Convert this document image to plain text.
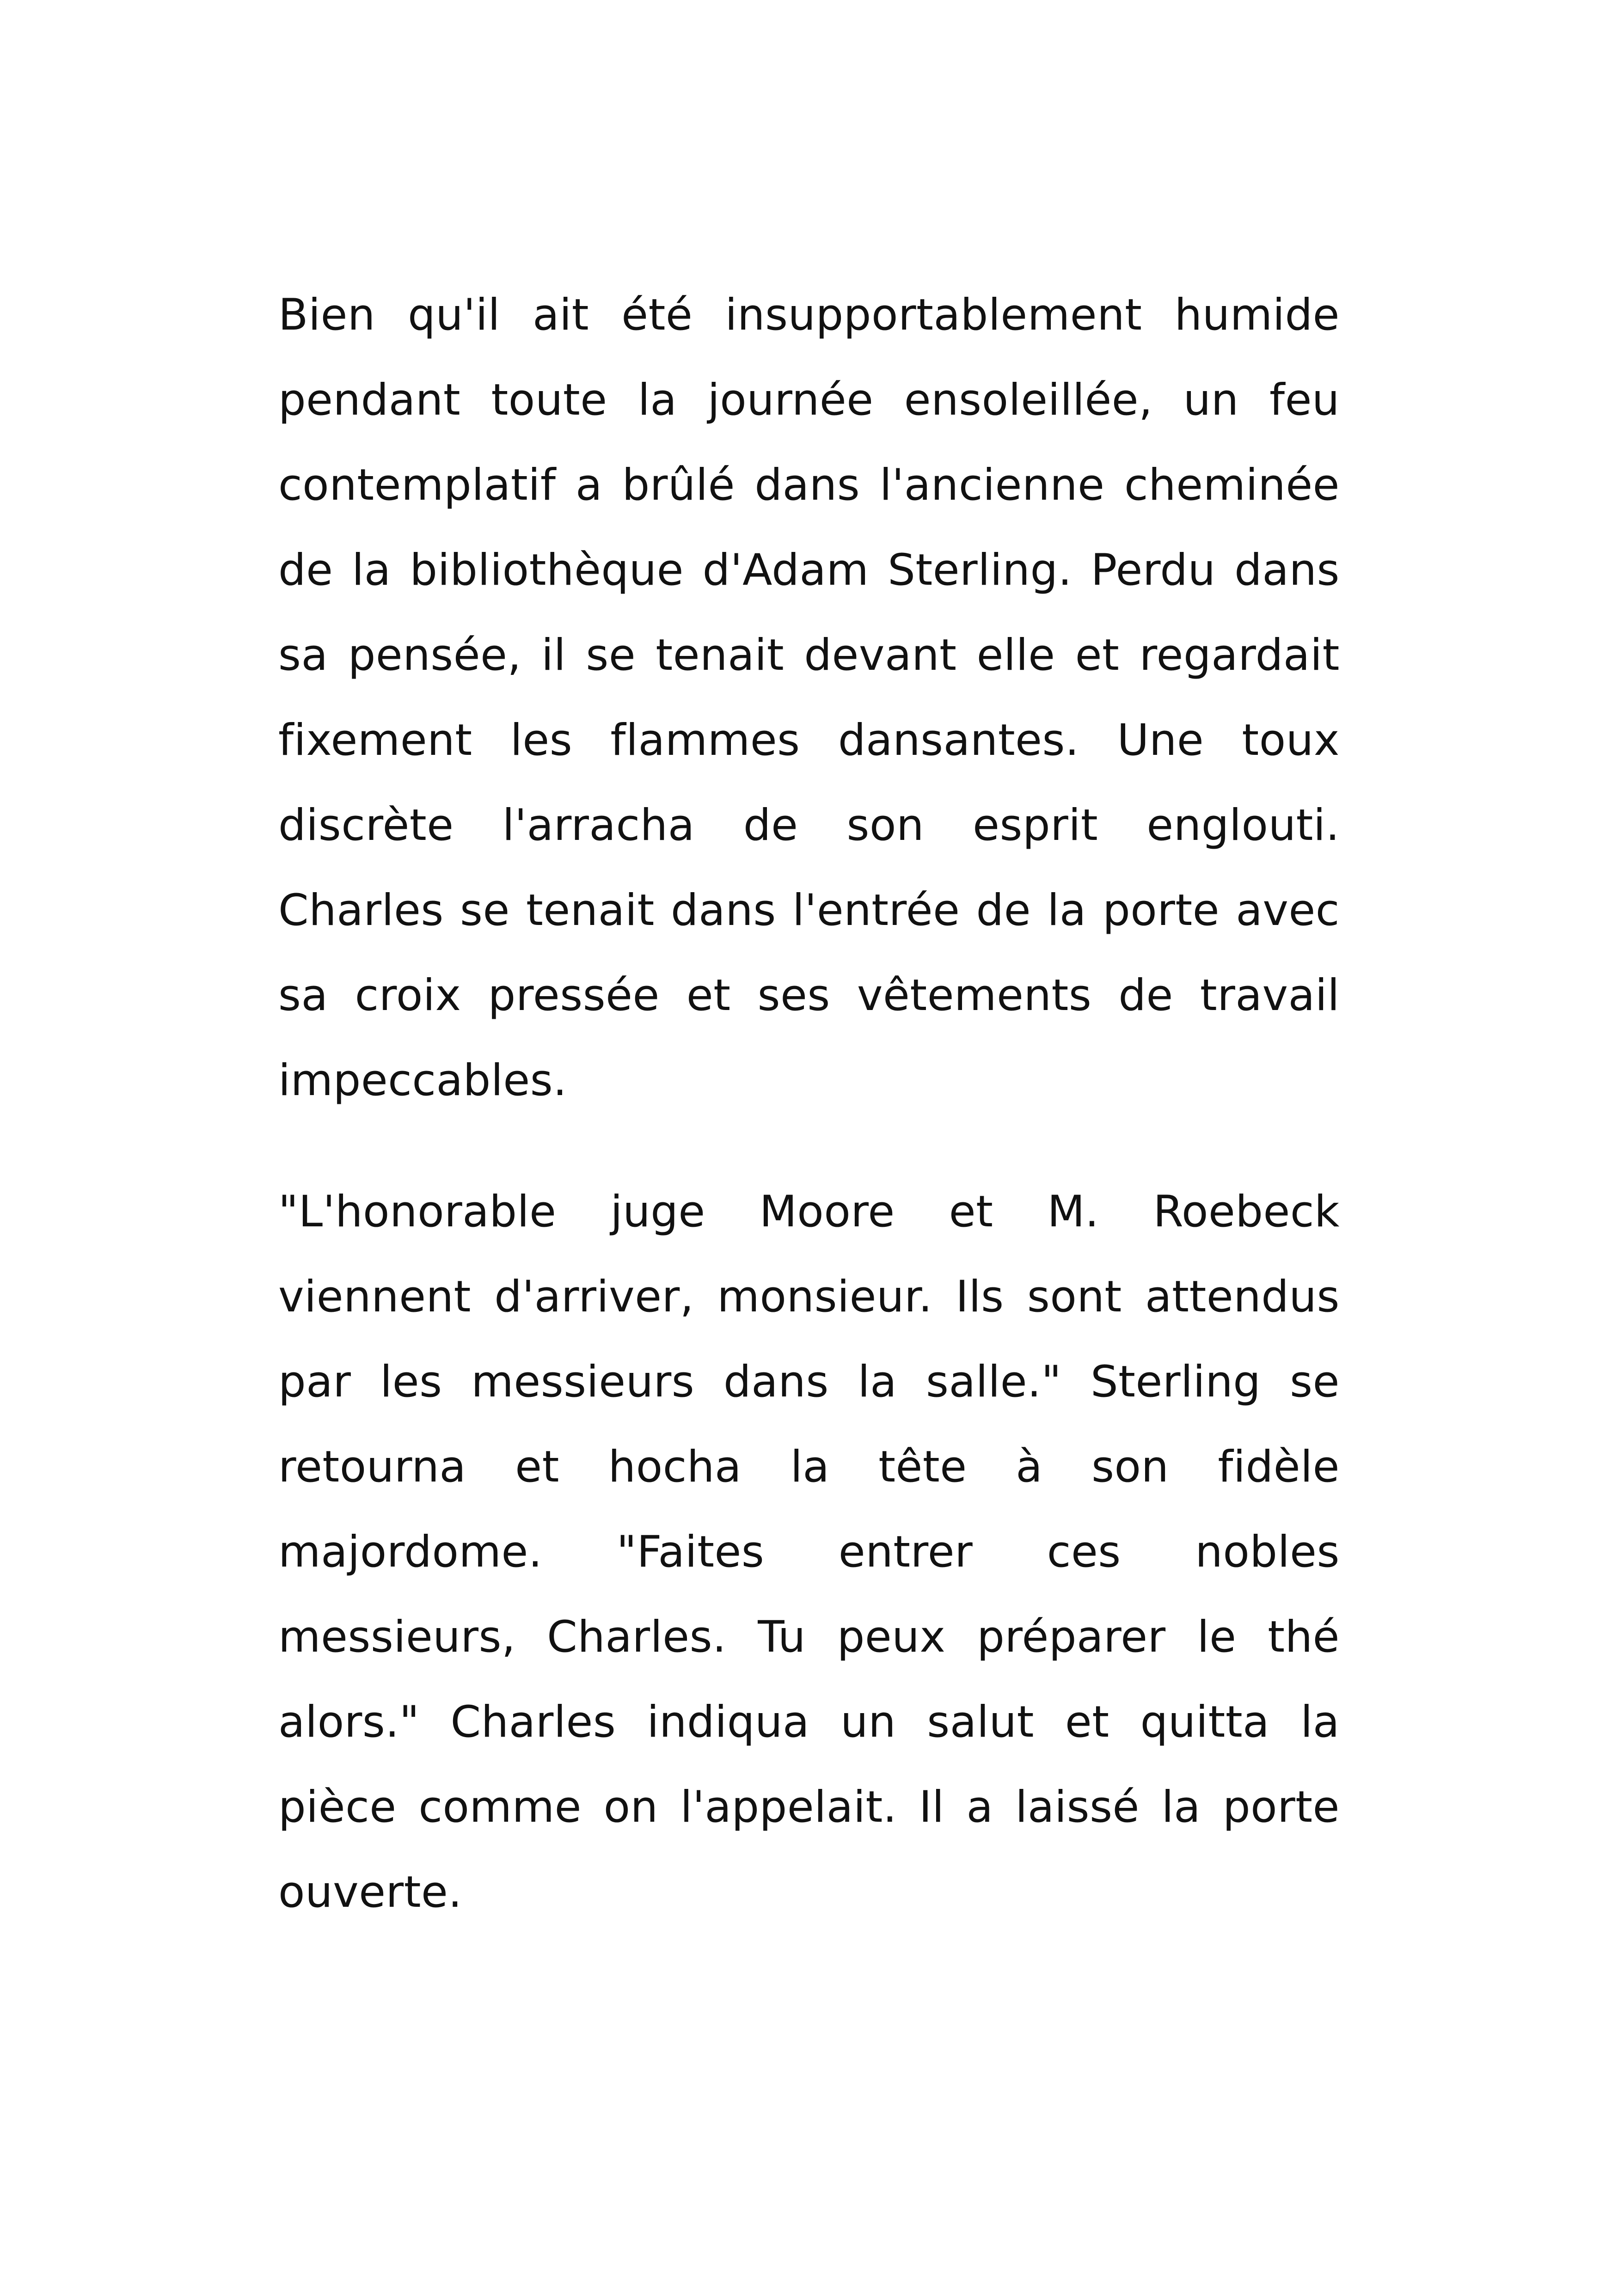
Bien qu'il ait été insupportablement humide pendant toute la journée ensoleillée, un feu contemplatif a brûlé dans l'ancienne cheminée de la bibliothèque d'Adam Sterling. Perdu dans sa pensée, il se tenait devant elle et regardait fixement les flammes dansantes. Une toux discrète l'arracha de son esprit englouti. Charles se tenait dans l'entrée de la porte avec sa croix pressée et ses vêtements de travail impeccables.

"L'honorable juge Moore et M. Roebeck viennent d'arriver, monsieur. Ils sont attendus par les messieurs dans la salle." Sterling se retourna et hocha la tête à son fidèle majordome. "Faites entrer ces nobles messieurs, Charles. Tu peux préparer le thé alors." Charles indiqua un salut et quitta la pièce comme on l'appelait. Il a laissé la porte ouverte.
